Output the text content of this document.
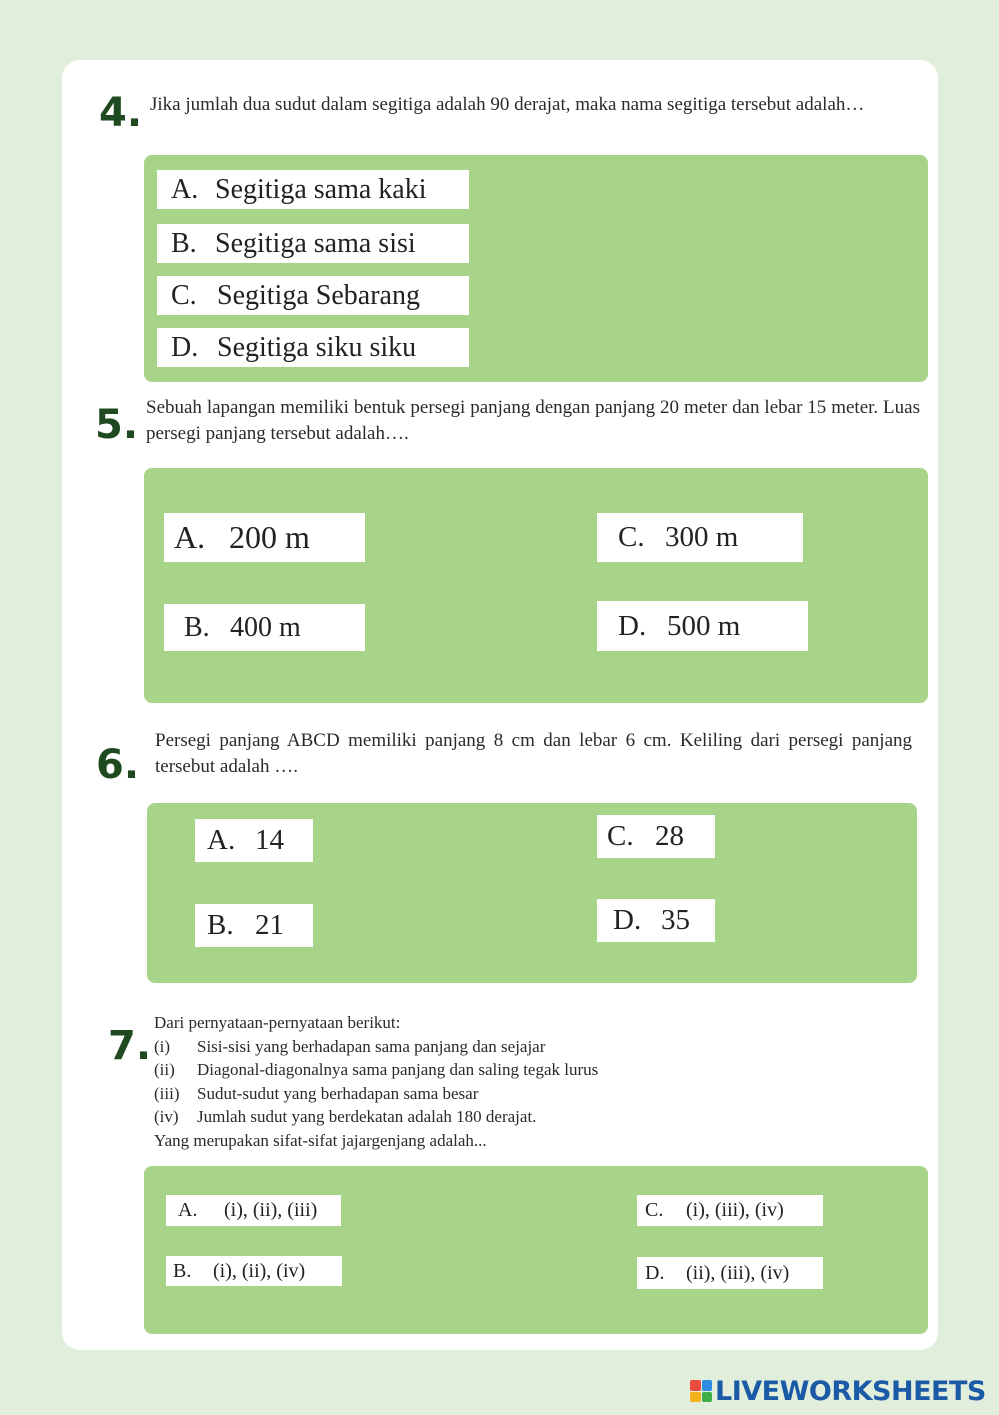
4. Jika jumlah dua sudut dalam segitiga adalah 90 derajat, maka nama segitiga tersebut adalah…

A. Segitiga sama kaki
B. Segitiga sama sisi
C. Segitiga Sebarang
D. Segitiga siku siku
5. Sebuah lapangan memiliki bentuk persegi panjang dengan panjang 20 meter dan lebar 15 meter. Luas persegi panjang tersebut adalah….

A. 200 m
B. 400 m
C. 300 m
D. 500 m
6.

Persegi panjang ABCD memiliki panjang 8 cm dan lebar 6 cm. Keliling dari persegi panjang tersebut adalah ….

A. 14
B. 21
C. 28
D. 35
7.
Dari pernyataan-pernyataan berikut:
(i)	Sisi-sisi yang berhadapan sama panjang dan sejajar
(ii)	Diagonal-diagonalnya sama panjang dan saling tegak lurus
(iii)	Sudut-sudut yang berhadapan sama besar
(iv)	Jumlah sudut yang berdekatan adalah 180 derajat.
Yang merupakan sifat-sifat jajargenjang adalah...
A.	(i), (ii), (iii)
B.	(i), (ii), (iv)
C.	(i), (iii), (iv)
D.	(ii), (iii), (iv)
LIVEWORKSHEETS
